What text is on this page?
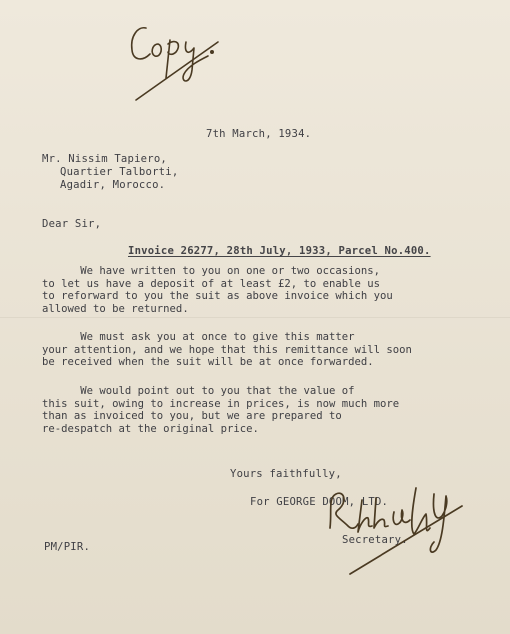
7th March, 1934.
Mr. Nissim Tapiero,
Quartier Talborti,
Agadir, Morocco.
Dear Sir,
Invoice 26277, 28th July, 1933, Parcel No.400.
We have written to you on one or two occasions,
to let us have a deposit of at least £2, to enable us
to reforward to you the suit as above invoice which you
allowed to be returned.
We must ask you at once to give this matter
your attention, and we hope that this remittance will soon
be received when the suit will be at once forwarded.
We would point out to you that the value of
this suit, owing to increase in prices, is now much more
than as invoiced to you, but we are prepared to
re-despatch at the original price.
Yours faithfully,
For GEORGE DOOM, LTD.
Secretary.
PM/PIR.
